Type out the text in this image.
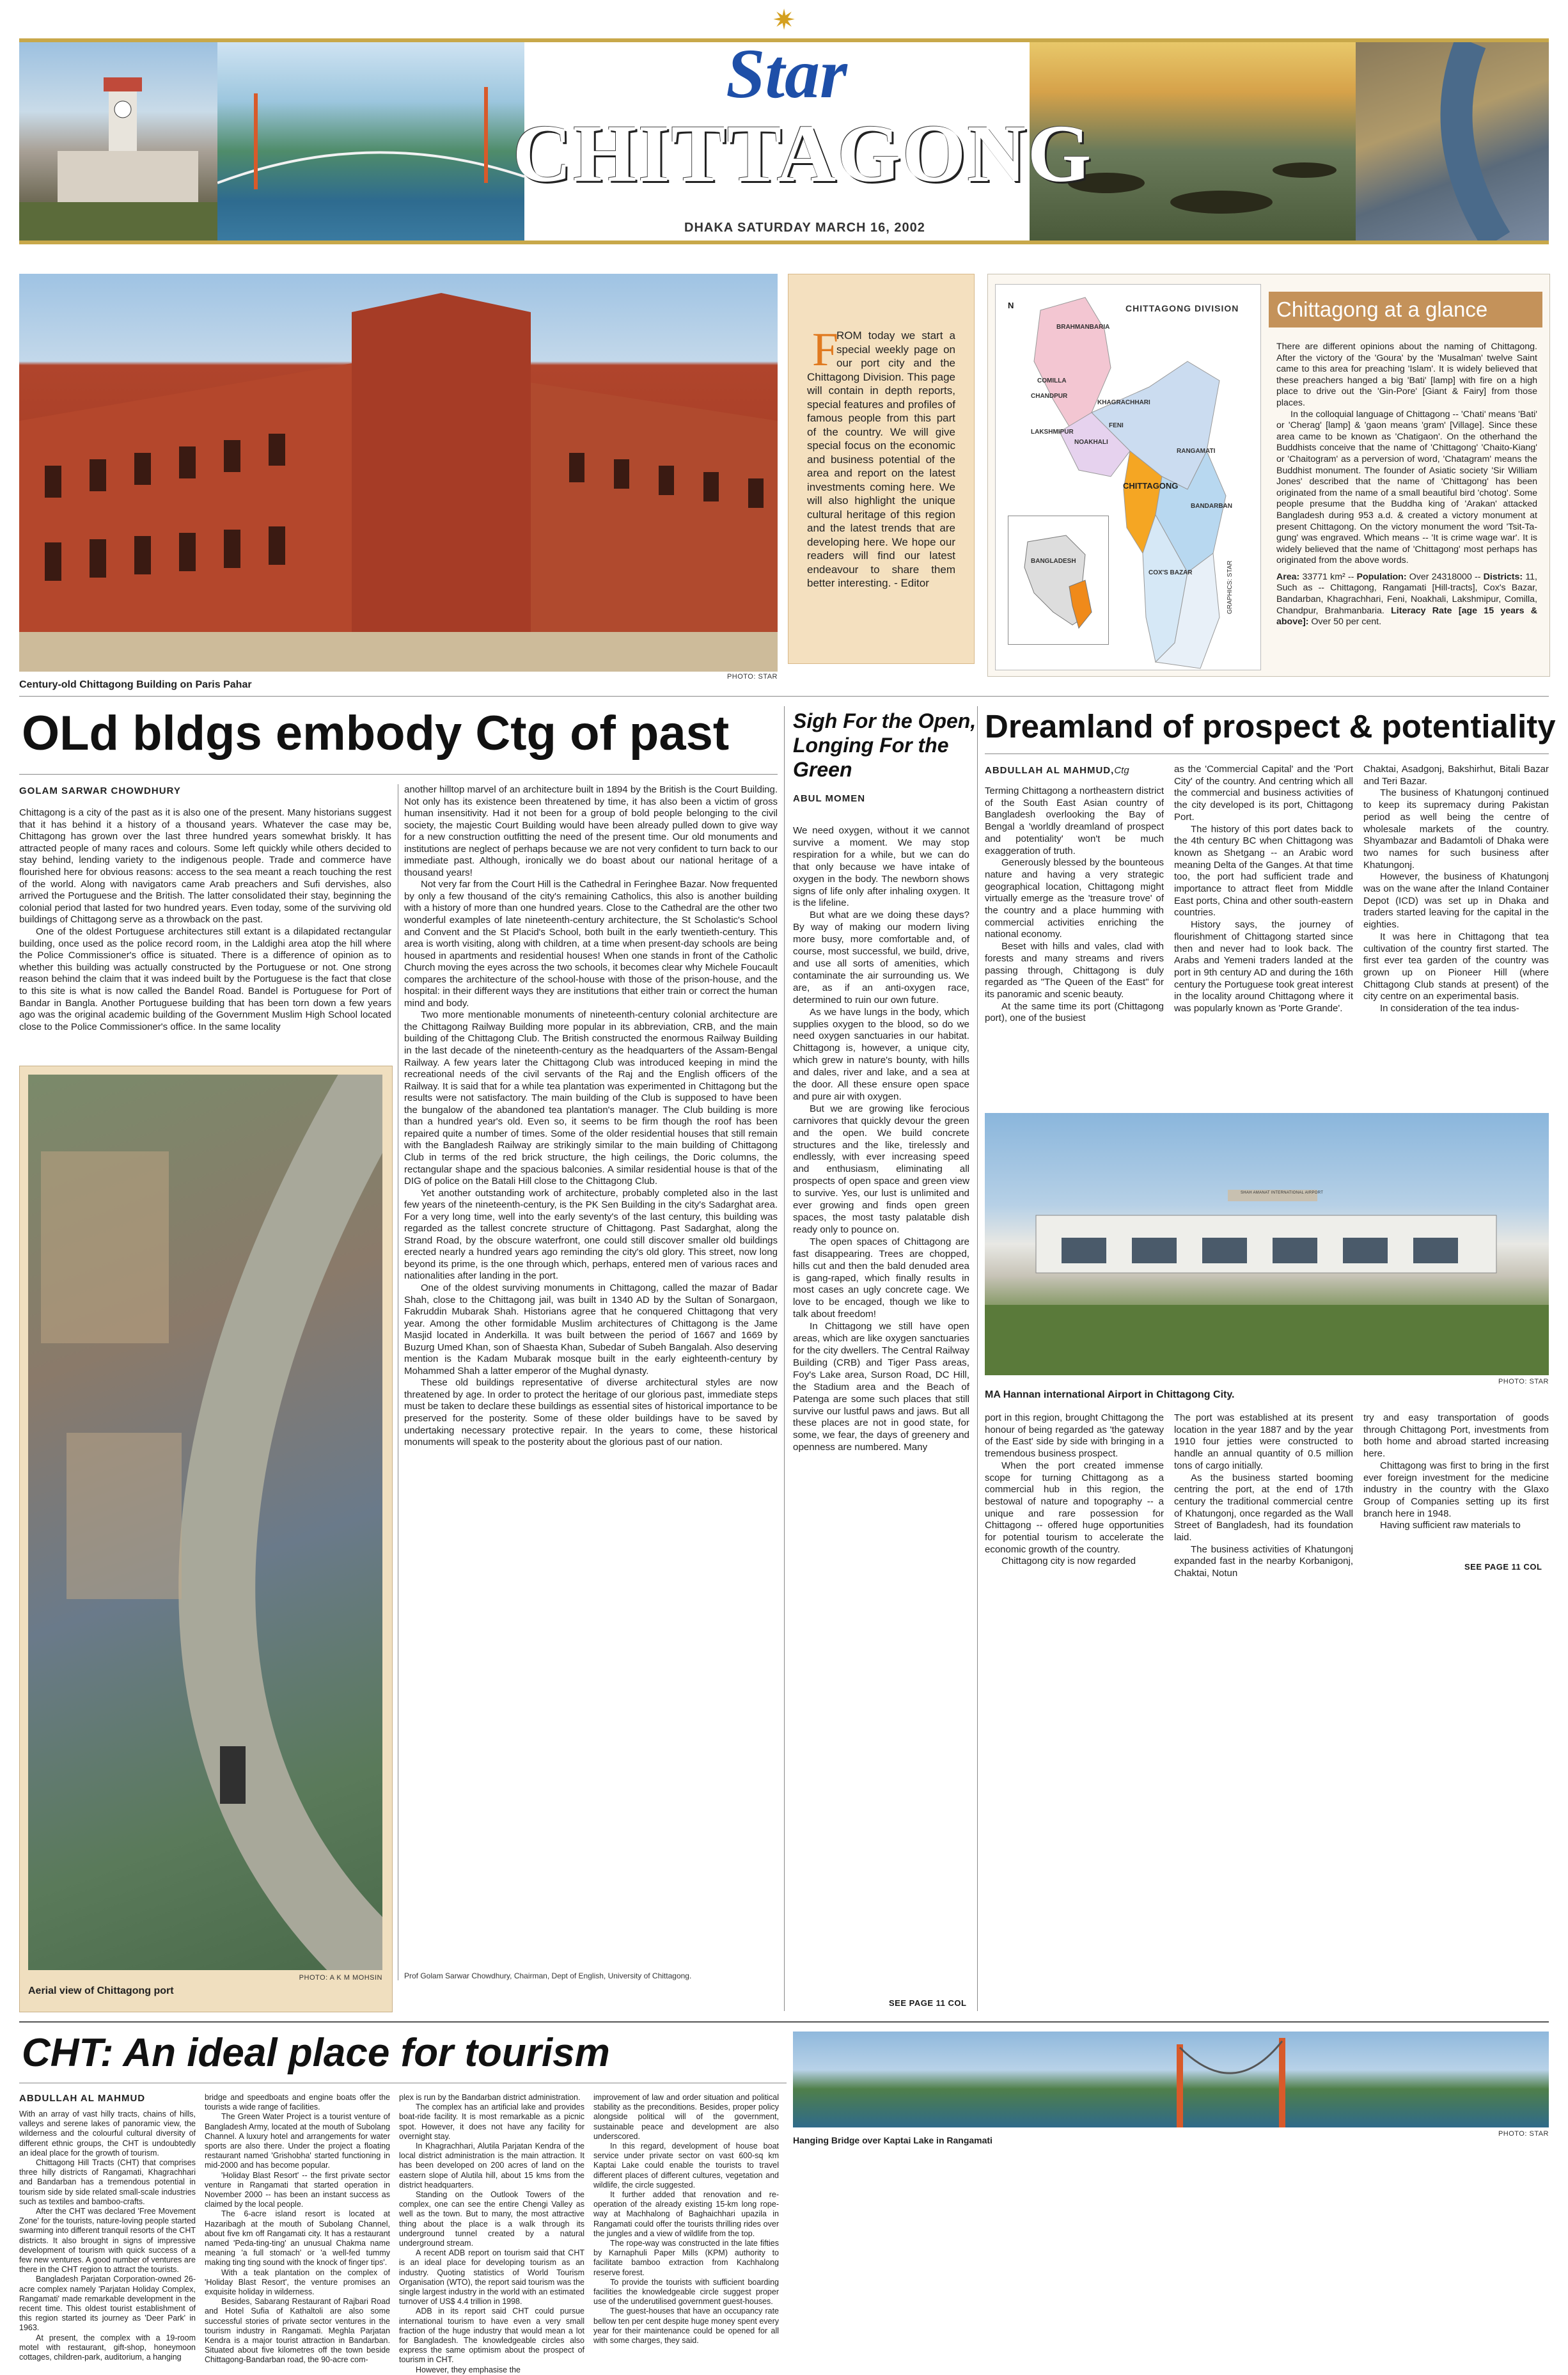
✷
Star
CHITTAGONG
DHAKA SATURDAY MARCH 16, 2002
Century-old Chittagong Building on Paris Pahar
PHOTO: STAR
F
ROM today we start a special weekly page on our port city and the Chittagong Division. This page will contain in depth reports, special features and profiles of famous people from this part of the country. We will give special focus on the economic and business potential of the area and report on the latest investments coming here. We will also highlight the unique cultural heritage of this region and the latest trends that are developing here. We hope our readers will find our latest endeavour to share them better interesting. - Editor
N	CHITTAGONG DIVISION
BRAHMANBARIA
COMILLA
CHANDPUR
KHAGRACHHARI
LAKSHMIPUR
FENI
NOAKHALI
RANGAMATI
CHITTAGONG
BANDARBAN
COX'S BAZAR
BANGLADESH	GRAPHICS: STAR
Chittagong at a glance

There are different opinions about the naming of Chittagong. After the victory of the 'Goura' by the 'Musalman' twelve Saint came to this area for preaching 'Islam'. It is widely believed that these preachers hanged a big 'Bati' [lamp] with fire on a high place to drive out the 'Gin-Pore' [Giant & Fairy] from those places.

In the colloquial language of Chittagong -- 'Chati' means 'Bati' or 'Cherag' [lamp] & 'gaon means 'gram' [Village]. Since these area came to be known as 'Chatigaon'. On the otherhand the Buddhists conceive that the name of 'Chittagong' 'Chaito-Kiang' or 'Chaitogram' as a perversion of word, 'Chatagram' means the Buddhist monument. The founder of Asiatic society 'Sir William Jones' described that the name of 'Chittagong' has been originated from the name of a small beautiful bird 'chotog'. Some people presume that the Buddha king of 'Arakan' attacked Bangladesh during 953 a.d. & created a victory monument at present Chittagong. On the victory monument the word 'Tsit-Ta-gung' was engraved. Which means -- 'It is crime wage war'. It is widely believed that the name of 'Chittagong' most perhaps has originated from the above words.

Area: 33771 km² -- Population: Over 24318000 -- Districts: 11, Such as -- Chittagong, Rangamati [Hill-tracts], Cox's Bazar, Bandarban, Khagrachhari, Feni, Noakhali, Lakshmipur, Comilla, Chandpur, Brahmanbaria. Literacy Rate [age 15 years & above]: Over 50 per cent.

OLd bldgs embody Ctg of past
GOLAM SARWAR CHOWDHURY

Chittagong is a city of the past as it is also one of the present. Many historians suggest that it has behind it a history of a thousand years. Whatever the case may be, Chittagong has grown over the last three hundred years somewhat briskly. It has attracted people of many races and colours. Some left quickly while others decided to stay behind, lending variety to the indigenous people. Trade and commerce have flourished here for obvious reasons: access to the sea meant a reach touching the rest of the world. Along with navigators came Arab preachers and Sufi dervishes, also arrived the Portuguese and the British. The latter consolidated their stay, beginning the colonial period that lasted for two hundred years. Even today, some of the surviving old buildings of Chittagong serve as a throwback on the past.

One of the oldest Portuguese architectures still extant is a dilapidated rectangular building, once used as the police record room, in the Laldighi area atop the hill where the Police Commissioner's office is situated. There is a difference of opinion as to whether this building was actually constructed by the Portuguese or not. One strong reason behind the claim that it was indeed built by the Portuguese is the fact that close to this site is what is now called the Bandel Road. Bandel is Portuguese for Port of Bandar in Bangla. Another Portuguese building that has been torn down a few years ago was the original academic building of the Government Muslim High School located close to the Police Commissioner's office. In the same locality

another hilltop marvel of an architecture built in 1894 by the British is the Court Building. Not only has its existence been threatened by time, it has also been a victim of gross human insensitivity. Had it not been for a group of bold people belonging to the civil society, the majestic Court Building would have been already pulled down to give way for a new construction outfitting the need of the present time. Our old monuments and institutions are neglect of perhaps because we are not very confident to turn back to our immediate past. Although, ironically we do boast about our national heritage of a thousand years!

Not very far from the Court Hill is the Cathedral in Feringhee Bazar. Now frequented by only a few thousand of the city's remaining Catholics, this also is another building with a history of more than one hundred years. Close to the Cathedral are the other two wonderful examples of late nineteenth-century architecture, the St Scholastic's School and Convent and the St Placid's School, both built in the early twentieth-century. This area is worth visiting, along with children, at a time when present-day schools are being housed in apartments and residential houses! When one stands in front of the Catholic Church moving the eyes across the two schools, it becomes clear why Michele Foucault compares the architecture of the school-house with those of the prison-house, and the hospital: in their different ways they are institutions that either train or correct the human mind and body.

Two more mentionable monuments of nineteenth-century colonial architecture are the Chittagong Railway Building more popular in its abbreviation, CRB, and the main building of the Chittagong Club. The British constructed the enormous Railway Building in the last decade of the nineteenth-century as the headquarters of the Assam-Bengal Railway. A few years later the Chittagong Club was introduced keeping in mind the recreational needs of the civil servants of the Raj and the English officers of the Railway. It is said that for a while tea plantation was experimented in Chittagong but the results were not satisfactory. The main building of the Club is supposed to have been the bungalow of the abandoned tea plantation's manager. The Club building is more than a hundred year's old. Even so, it seems to be firm though the roof has been repaired quite a number of times. Some of the older residential houses that still remain with the Bangladesh Railway are strikingly similar to the main building of Chittagong Club in terms of the red brick structure, the high ceilings, the Doric columns, the rectangular shape and the spacious balconies. A similar residential house is that of the DIG of police on the Batali Hill close to the Chittagong Club.

Yet another outstanding work of architecture, probably completed also in the last few years of the nineteenth-century, is the PK Sen Building in the city's Sadarghat area. For a very long time, well into the early seventy's of the last century, this building was regarded as the tallest concrete structure of Chittagong. Past Sadarghat, along the Strand Road, by the obscure waterfront, one could still discover smaller old buildings erected nearly a hundred years ago reminding the city's old glory. This street, now long beyond its prime, is the one through which, perhaps, entered men of various races and nationalities after landing in the port.

One of the oldest surviving monuments in Chittagong, called the mazar of Badar Shah, close to the Chittagong jail, was built in 1340 AD by the Sultan of Sonargaon, Fakruddin Mubarak Shah. Historians agree that he conquered Chittagong that very year. Among the other formidable Muslim architectures of Chittagong is the Jame Masjid located in Anderkilla. It was built between the period of 1667 and 1669 by Buzurg Umed Khan, son of Shaesta Khan, Subedar of Subeh Bangalah. Also deserving mention is the Kadam Mubarak mosque built in the early eighteenth-century by Mohammed Shah a latter emperor of the Mughal dynasty.

These old buildings representative of diverse architectural styles are now threatened by age. In order to protect the heritage of our glorious past, immediate steps must be taken to declare these buildings as essential sites of historical importance to be preserved for the posterity. Some of these older buildings have to be saved by undertaking necessary protective repair. In the years to come, these historical monuments will speak to the posterity about the glorious past of our nation.

Prof Golam Sarwar Chowdhury, Chairman, Dept of English, University of Chittagong.
PHOTO: A K M MOHSIN
Aerial view of Chittagong port
Sigh For the Open, Longing For the Green
ABUL MOMEN

We need oxygen, without it we cannot survive a moment. We may stop respiration for a while, but we can do that only because we have intake of oxygen in the body. The newborn shows signs of life only after inhaling oxygen. It is the lifeline.

But what are we doing these days? By way of making our modern living more busy, more comfortable and, of course, most successful, we build, drive, and use all sorts of amenities, which contaminate the air surrounding us. We are, as if an anti-oxygen race, determined to ruin our own future.

As we have lungs in the body, which supplies oxygen to the blood, so do we need oxygen sanctuaries in our habitat. Chittagong is, however, a unique city, which grew in nature's bounty, with hills and dales, river and lake, and a sea at the door. All these ensure open space and pure air with oxygen.

But we are growing like ferocious carnivores that quickly devour the green and the open. We build concrete structures and the like, tirelessly and endlessly, with ever increasing speed and enthusiasm, eliminating all prospects of open space and green view to survive. Yes, our lust is unlimited and ever growing and finds open green spaces, the most tasty palatable dish ready only to pounce on.

The open spaces of Chittagong are fast disappearing. Trees are chopped, hills cut and then the bald denuded area is gang-raped, which finally results in most cases an ugly concrete cage. We love to be encaged, though we like to talk about freedom!

In Chittagong we still have open areas, which are like oxygen sanctuaries for the city dwellers. The Central Railway Building (CRB) and Tiger Pass areas, Foy's Lake area, Surson Road, DC Hill, the Stadium area and the Beach of Patenga are some such places that still survive our lustful paws and jaws. But all these places are not in good state, for some, we fear, the days of greenery and openness are numbered. Many

SEE PAGE 11 COL
Dreamland of prospect & potentiality
ABDULLAH AL MAHMUD,Ctg

Terming Chittagong a northeastern district of the South East Asian country of Bangladesh overlooking the Bay of Bengal a 'worldly dreamland of prospect and potentiality' won't be much exaggeration of truth.

Generously blessed by the bounteous nature and having a very strategic geographical location, Chittagong might virtually emerge as the 'treasure trove' of the country and a place humming with commercial activities enriching the national economy.

Beset with hills and vales, clad with forests and many streams and rivers passing through, Chittagong is duly regarded as "The Queen of the East" for its panoramic and scenic beauty.

At the same time its port (Chittagong port), one of the busiest

as the 'Commercial Capital' and the 'Port City' of the country. And centring which all the commercial and business activities of the city developed is its port, Chittagong Port.

The history of this port dates back to the 4th century BC when Chittagong was known as Shetgang -- an Arabic word meaning Delta of the Ganges. At that time too, the port had sufficient trade and importance to attract fleet from Middle East ports, China and other south-eastern countries.

History says, the journey of flourishment of Chittagong started since then and never had to look back. The Arabs and Yemeni traders landed at the port in 9th century AD and during the 16th century the Portuguese took great interest in the locality around Chittagong where it was popularly known as 'Porte Grande'.

Chaktai, Asadgonj, Bakshirhut, Bitali Bazar and Teri Bazar.

The business of Khatungonj continued to keep its supremacy during Pakistan period as well being the centre of wholesale markets of the country. Shyambazar and Badamtoli of Dhaka were two names for such business after Khatungonj.

However, the business of Khatungonj was on the wane after the Inland Container Depot (ICD) was set up in Dhaka and traders started leaving for the capital in the eighties.

It was here in Chittagong that tea cultivation of the country first started. The first ever tea garden of the country was grown up on Pioneer Hill (where Chittagong Club stands at present) of the city centre on an experimental basis.

In consideration of the tea indus-

SHAH AMANAT INTERNATIONAL AIRPORT
PHOTO: STAR
MA Hannan international Airport in Chittagong City.

port in this region, brought Chittagong the honour of being regarded as 'the gateway of the East' side by side with bringing in a tremendous business prospect.

When the port created immense scope for turning Chittagong as a commercial hub in this region, the bestowal of nature and topography -- a unique and rare possession for Chittagong -- offered huge opportunities for potential tourism to accelerate the economic growth of the country.

Chittagong city is now regarded

The port was established at its present location in the year 1887 and by the year 1910 four jetties were constructed to handle an annual quantity of 0.5 million tons of cargo initially.

As the business started booming centring the port, at the end of 17th century the traditional commercial centre of Khatungonj, once regarded as the Wall Street of Bangladesh, had its foundation laid.

The business activities of Khatungonj expanded fast in the nearby Korbanigonj, Chaktai, Notun

try and easy transportation of goods through Chittagong Port, investments from both home and abroad started increasing here.

Chittagong was first to bring in the first ever foreign investment for the medicine industry in the country with the Glaxo Group of Companies setting up its first branch here in 1948.

Having sufficient raw materials to

SEE PAGE 11 COL
CHT: An ideal place for tourism
ABDULLAH AL MAHMUD

With an array of vast hilly tracts, chains of hills, valleys and serene lakes of panoramic view, the wilderness and the colourful cultural diversity of different ethnic groups, the CHT is undoubtedly an ideal place for the growth of tourism.

Chittagong Hill Tracts (CHT) that comprises three hilly districts of Rangamati, Khagrachhari and Bandarban has a tremendous potential in tourism side by side related small-scale industries such as textiles and bamboo-crafts.

After the CHT was declared 'Free Movement Zone' for the tourists, nature-loving people started swarming into different tranquil resorts of the CHT districts. It also brought in signs of impressive development of tourism with quick success of a few new ventures. A good number of ventures are there in the CHT region to attract the tourists.

Bangladesh Parjatan Corporation-owned 26-acre complex namely 'Parjatan Holiday Complex, Rangamati' made remarkable development in the recent time. This oldest tourist establishment of this region started its journey as 'Deer Park' in 1963.

At present, the complex with a 19-room motel with restaurant, gift-shop, honeymoon cottages, children-park, auditorium, a hanging

bridge and speedboats and engine boats offer the tourists a wide range of facilities.

The Green Water Project is a tourist venture of Bangladesh Army, located at the mouth of Subolang Channel. A luxury hotel and arrangements for water sports are also there. Under the project a floating restaurant named 'Grishobha' started functioning in mid-2000 and has become popular.

'Holiday Blast Resort' -- the first private sector venture in Rangamati that started operation in November 2000 -- has been an instant success as claimed by the local people.

The 6-acre island resort is located at Hazaribagh at the mouth of Subolang Channel, about five km off Rangamati city. It has a restaurant named 'Peda-ting-ting' an unusual Chakma name meaning 'a full stomach' or 'a well-fed tummy making ting ting sound with the knock of finger tips'.

With a teak plantation on the complex of 'Holiday Blast Resort', the venture promises an exquisite holiday in wilderness.

Besides, Sabarang Restaurant of Rajbari Road and Hotel Sufia of Kathaltoli are also some successful stories of private sector ventures in the tourism industry in Rangamati. Meghla Parjatan Kendra is a major tourist attraction in Bandarban. Situated about five kilometres off the town beside Chittagong-Bandarban road, the 90-acre com-

plex is run by the Bandarban district administration.

The complex has an artificial lake and provides boat-ride facility. It is most remarkable as a picnic spot. However, it does not have any facility for overnight stay.

In Khagrachhari, Alutila Parjatan Kendra of the local district administration is the main attraction. It has been developed on 200 acres of land on the eastern slope of Alutila hill, about 15 kms from the district headquarters.

Standing on the Outlook Towers of the complex, one can see the entire Chengi Valley as well as the town. But to many, the most attractive thing about the place is a walk through its underground tunnel created by a natural underground stream.

A recent ADB report on tourism said that CHT is an ideal place for developing tourism as an industry. Quoting statistics of World Tourism Organisation (WTO), the report said tourism was the single largest industry in the world with an estimated turnover of US$ 4.4 trillion in 1998.

ADB in its report said CHT could pursue international tourism to have even a very small fraction of the huge industry that would mean a lot for Bangladesh. The knowledgeable circles also express the same optimism about the prospect of tourism in CHT.

However, they emphasise the

improvement of law and order situation and political stability as the preconditions. Besides, proper policy alongside political will of the government, sustainable peace and development are also underscored.

In this regard, development of house boat service under private sector on vast 600-sq km Kaptai Lake could enable the tourists to travel different places of different cultures, vegetation and wildlife, the circle suggested.

It further added that renovation and re-operation of the already existing 15-km long rope-way at Machhalong of Baghaichhari upazila in Rangamati could offer the tourists thrilling rides over the jungles and a view of wildlife from the top.

The rope-way was constructed in the late fifties by Karnaphuli Paper Mills (KPM) authority to facilitate bamboo extraction from Kachhalong reserve forest.

To provide the tourists with sufficient boarding facilities the knowledgeable circle suggest proper use of the underutilised government guest-houses.

The guest-houses that have an occupancy rate bellow ten per cent despite huge money spent every year for their maintenance could be opened for all with some charges, they said.

PHOTO: STAR
Hanging Bridge over Kaptai Lake in Rangamati
